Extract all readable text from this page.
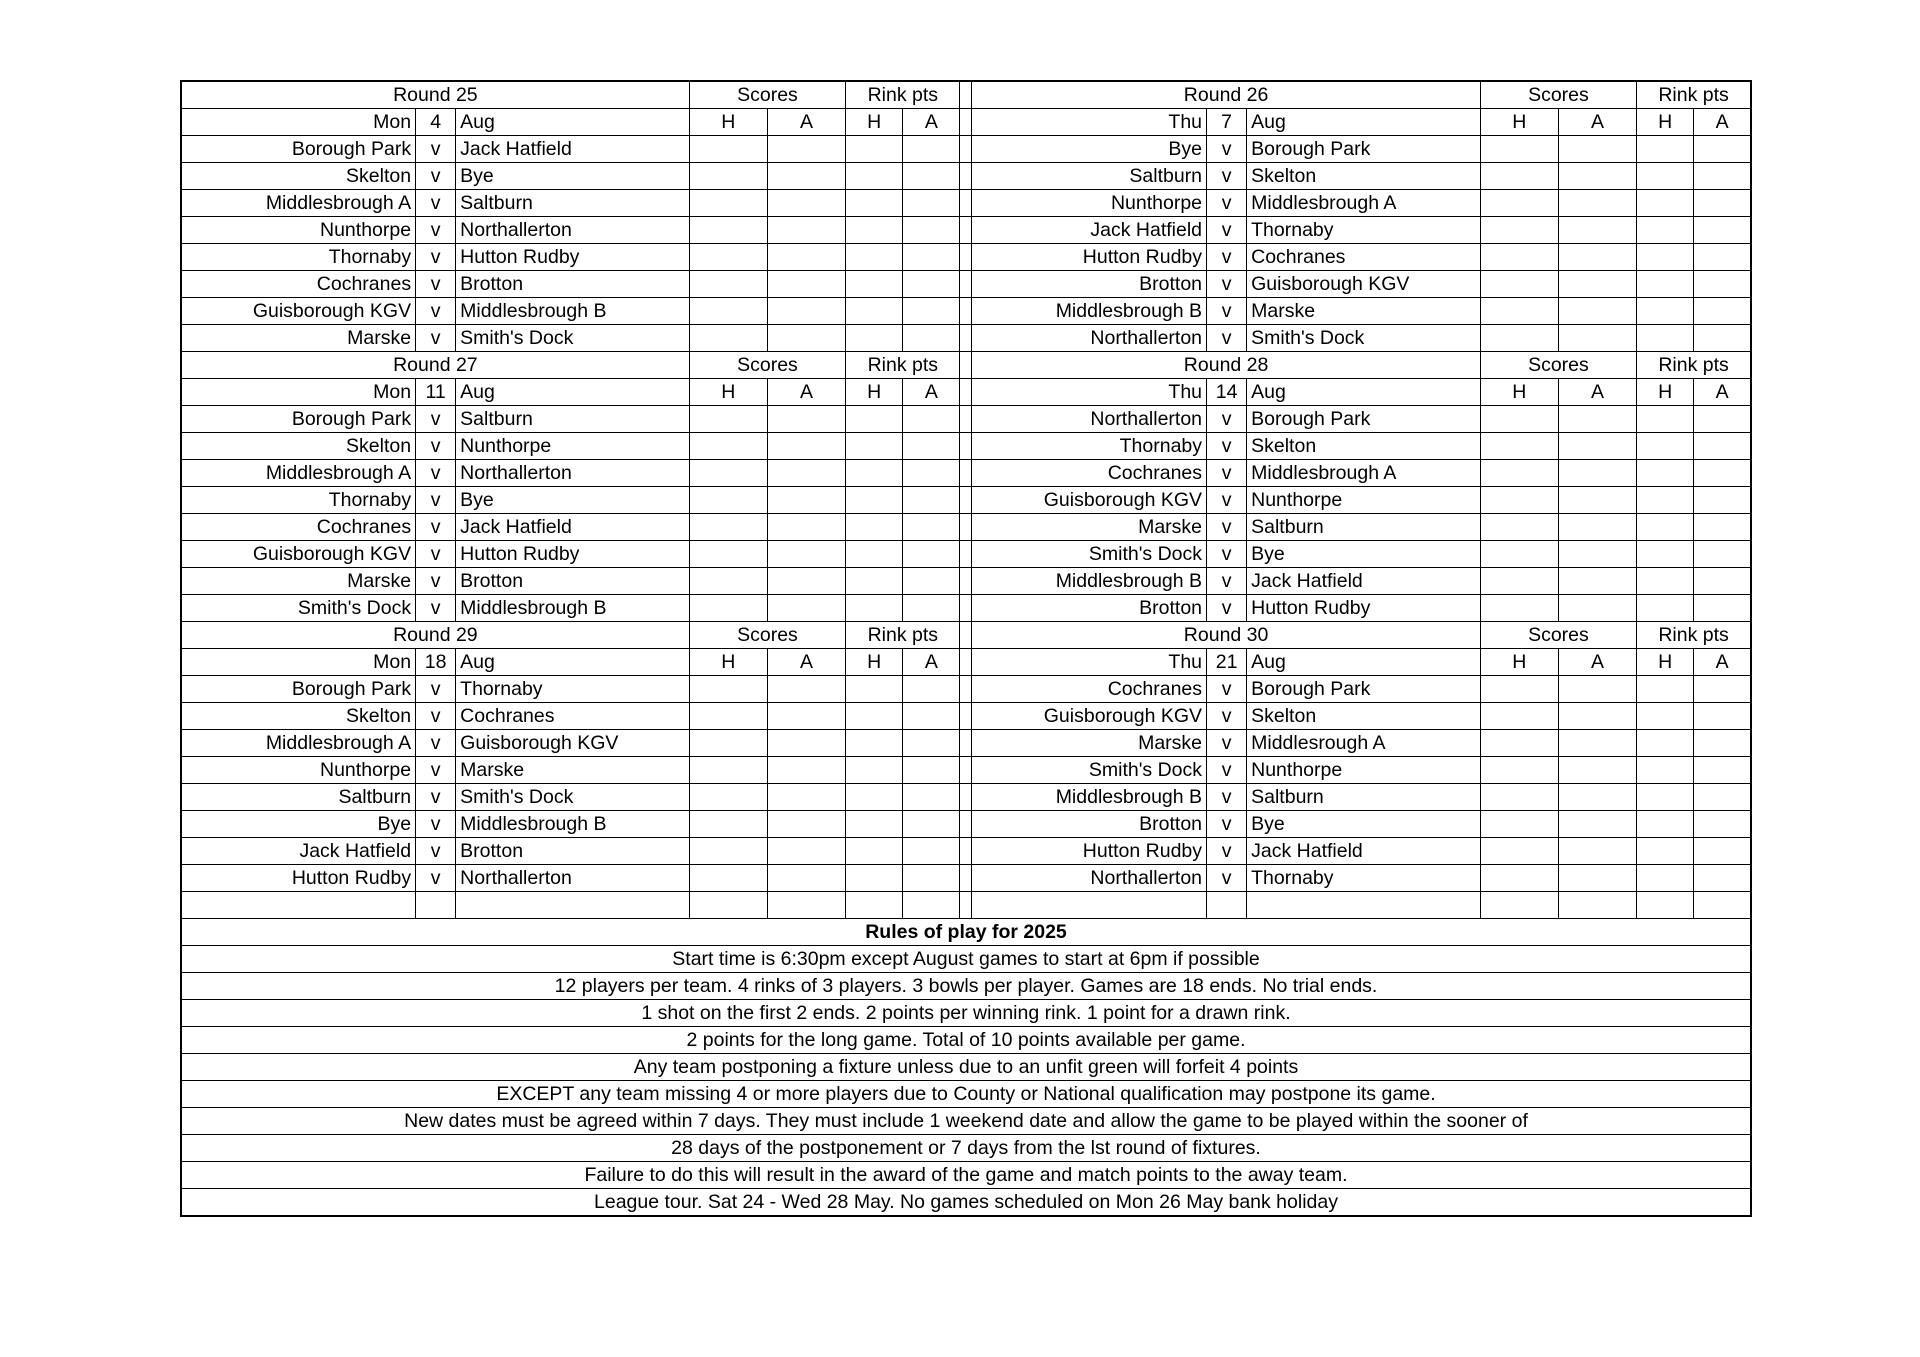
Round 25			Scores		Rink pts			Round 26			Scores		Rink pts	
Mon	4	Aug	H	A	H	A		Thu	7	Aug	H	A	H	A
Borough Park	v	Jack Hatfield						Bye	v	Borough Park				
Skelton	v	Bye						Saltburn	v	Skelton				
Middlesbrough A	v	Saltburn						Nunthorpe	v	Middlesbrough A				
Nunthorpe	v	Northallerton						Jack Hatfield	v	Thornaby				
Thornaby	v	Hutton Rudby						Hutton Rudby	v	Cochranes				
Cochranes	v	Brotton						Brotton	v	Guisborough KGV				
Guisborough KGV	v	Middlesbrough B						Middlesbrough B	v	Marske				
Marske	v	Smith's Dock						Northallerton	v	Smith's Dock				
Round 27			Scores		Rink pts			Round 28			Scores		Rink pts	
Mon	11	Aug	H	A	H	A		Thu	14	Aug	H	A	H	A
Borough Park	v	Saltburn						Northallerton	v	Borough Park				
Skelton	v	Nunthorpe						Thornaby	v	Skelton				
Middlesbrough A	v	Northallerton						Cochranes	v	Middlesbrough A				
Thornaby	v	Bye						Guisborough KGV	v	Nunthorpe				
Cochranes	v	Jack Hatfield						Marske	v	Saltburn				
Guisborough KGV	v	Hutton Rudby						Smith's Dock	v	Bye				
Marske	v	Brotton						Middlesbrough B	v	Jack Hatfield				
Smith's Dock	v	Middlesbrough B						Brotton	v	Hutton Rudby				
Round 29			Scores		Rink pts			Round 30			Scores		Rink pts	
Mon	18	Aug	H	A	H	A		Thu	21	Aug	H	A	H	A
Borough Park	v	Thornaby						Cochranes	v	Borough Park				
Skelton	v	Cochranes						Guisborough KGV	v	Skelton				
Middlesbrough A	v	Guisborough KGV						Marske	v	Middlesrough A				
Nunthorpe	v	Marske						Smith's Dock	v	Nunthorpe				
Saltburn	v	Smith's Dock						Middlesbrough B	v	Saltburn				
Bye	v	Middlesbrough B						Brotton	v	Bye				
Jack Hatfield	v	Brotton						Hutton Rudby	v	Jack Hatfield				
Hutton Rudby	v	Northallerton						Northallerton	v	Thornaby				

Rules of play for 2025														
Start time is 6:30pm except August games to start at 6pm if possible														
12 players per team. 4 rinks of 3 players. 3 bowls per player. Games are 18 ends. No trial ends.														
1 shot on the first 2 ends. 2 points per winning rink. 1 point for a drawn rink.														
2 points for the long game. Total of 10 points available per game.														
Any team postponing a fixture unless due to an unfit green will forfeit 4 points														
EXCEPT any team missing 4 or more players due to County or National qualification may postpone its game.														
New dates must be agreed within 7 days. They must include 1 weekend date and allow the game to be played within the sooner of														
28 days of the postponement or 7 days from the lst round of fixtures.														
Failure to do this will result in the award of the game and match points to the away team.														
League tour. Sat 24 - Wed 28 May. No games scheduled on Mon 26 May bank holiday														
